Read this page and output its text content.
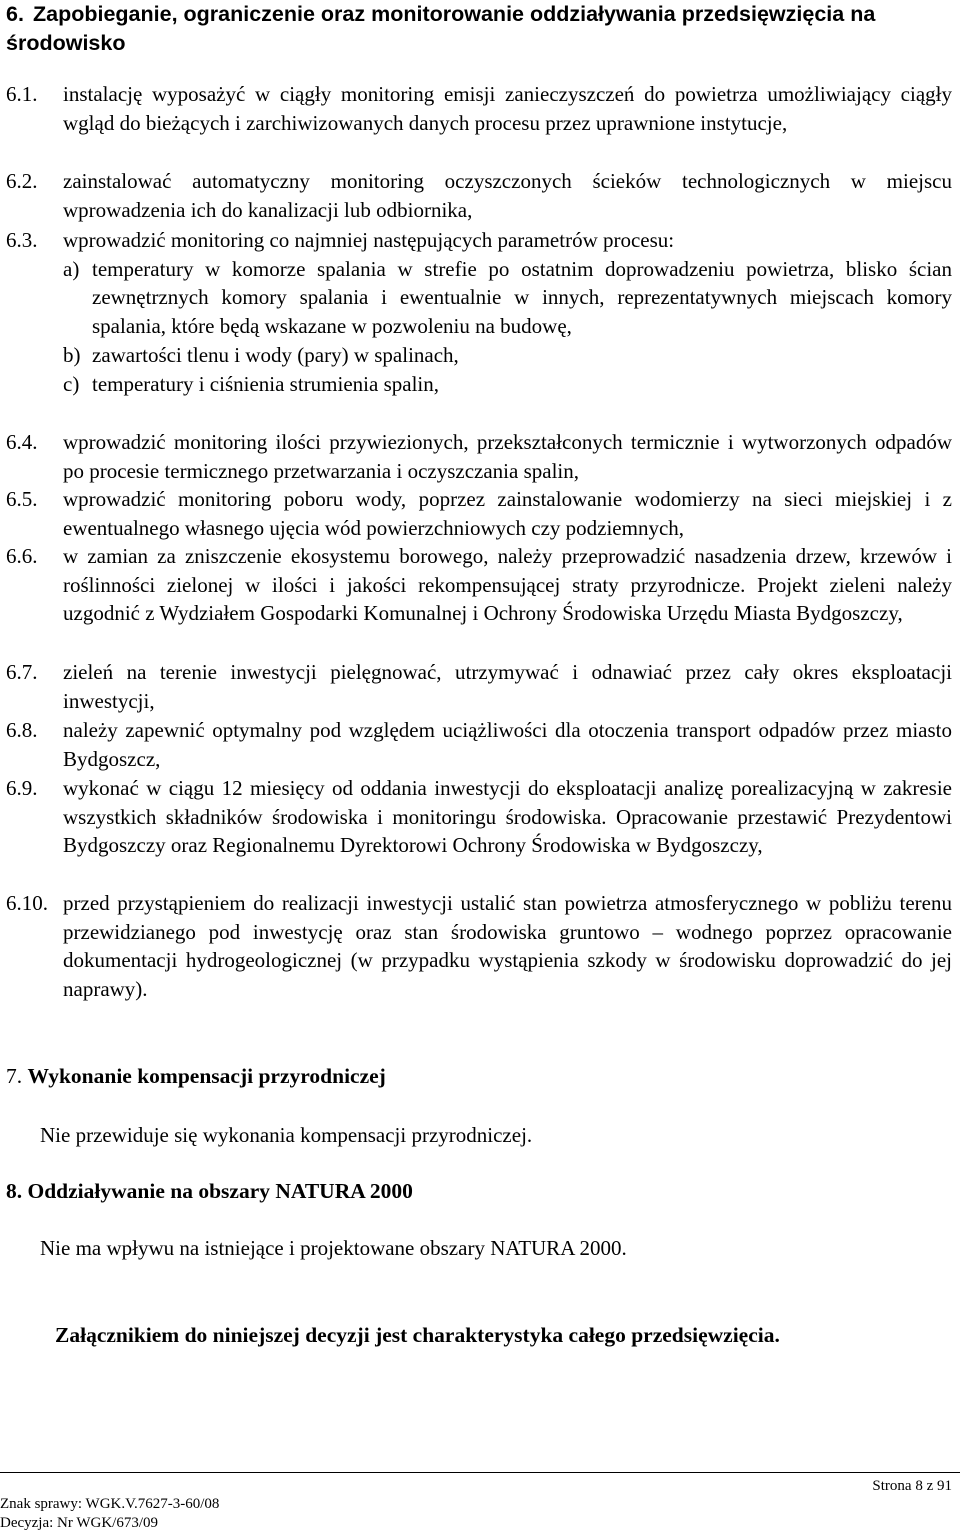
6. Zapobieganie, ograniczenie oraz monitorowanie oddziaływania przedsięwzięcia na
środowisko
6.1. instalację wyposażyć w ciągły monitoring emisji zanieczyszczeń do powietrza umożliwiający ciągły wgląd do bieżących i zarchiwizowanych danych procesu przez uprawnione instytucje,
6.2. zainstalować automatyczny monitoring oczyszczonych ścieków technologicznych w miejscu wprowadzenia ich do kanalizacji lub odbiornika,
6.3. wprowadzić monitoring co najmniej następujących parametrów procesu:
a) temperatury w komorze spalania w strefie po ostatnim doprowadzeniu powietrza, blisko ścian zewnętrznych komory spalania i ewentualnie w innych, reprezentatywnych miejscach komory spalania, które będą wskazane w pozwoleniu na budowę,
b) zawartości tlenu i wody (pary) w spalinach,
c) temperatury i ciśnienia strumienia spalin,
6.4. wprowadzić monitoring ilości przywiezionych, przekształconych termicznie i wytworzonych odpadów po procesie termicznego przetwarzania i oczyszczania spalin,
6.5. wprowadzić monitoring poboru wody, poprzez zainstalowanie wodomierzy na sieci miejskiej i z ewentualnego własnego ujęcia wód powierzchniowych czy podziemnych,
6.6. w zamian za zniszczenie ekosystemu borowego, należy przeprowadzić nasadzenia drzew, krzewów i roślinności zielonej w ilości i jakości rekompensującej straty przyrodnicze. Projekt zieleni należy uzgodnić z Wydziałem Gospodarki Komunalnej i Ochrony Środowiska Urzędu Miasta Bydgoszczy,
6.7. zieleń na terenie inwestycji pielęgnować, utrzymywać i odnawiać przez cały okres eksploatacji inwestycji,
6.8. należy zapewnić optymalny pod względem uciążliwości dla otoczenia transport odpadów przez miasto Bydgoszcz,
6.9. wykonać w ciągu 12 miesięcy od oddania inwestycji do eksploatacji analizę porealizacyjną w zakresie wszystkich składników środowiska i monitoringu środowiska. Opracowanie przestawić Prezydentowi Bydgoszczy oraz Regionalnemu Dyrektorowi Ochrony Środowiska w Bydgoszczy,
6.10. przed przystąpieniem do realizacji inwestycji ustalić stan powietrza atmosferycznego w pobliżu terenu przewidzianego pod inwestycję oraz stan środowiska gruntowo – wodnego poprzez opracowanie dokumentacji hydrogeologicznej (w przypadku wystąpienia szkody w środowisku doprowadzić do jej naprawy).
7. Wykonanie kompensacji przyrodniczej
Nie przewiduje się wykonania kompensacji przyrodniczej.
8. Oddziaływanie na obszary NATURA 2000
Nie ma wpływu na istniejące i projektowane obszary NATURA 2000.
Załącznikiem do niniejszej decyzji jest charakterystyka całego przedsięwzięcia.
Strona 8 z 91
Znak sprawy: WGK.V.7627-3-60/08
Decyzja: Nr WGK/673/09
